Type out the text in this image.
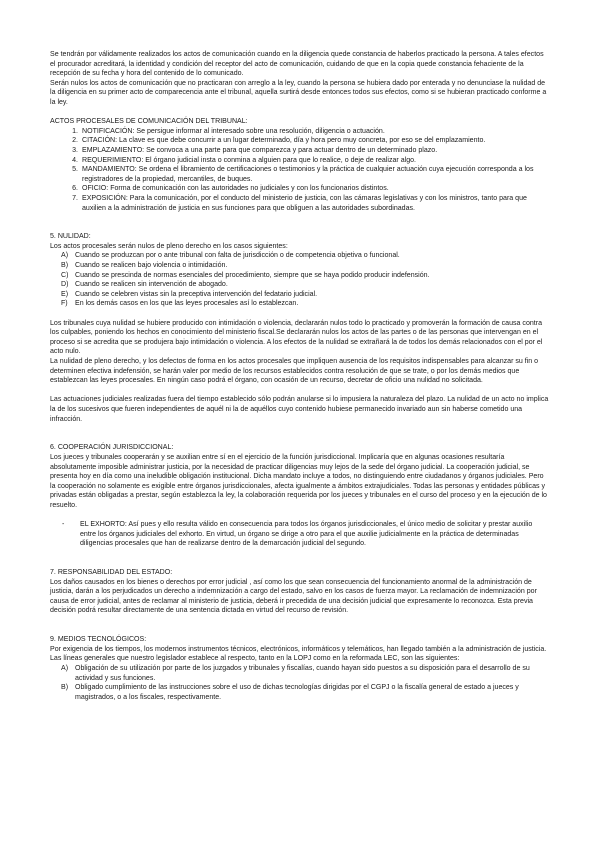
Se tendrán por válidamente realizados los actos de comunicación cuando en la diligencia quede constancia de haberlos practicado la persona. A tales efectos el procurador acreditará, la identidad y condición del receptor del acto de comunicación, cuidando de que en la copia quede constancia fehaciente de la recepción de su fecha y hora del contenido de lo comunicado.

Serán nulos los actos de comunicación que no practicaran con arreglo a la ley, cuando la persona se hubiera dado por enterada y no denunciase la nulidad de la diligencia en su primer acto de comparecencia ante el tribunal, aquella surtirá desde entonces todos sus efectos, como si se hubieran practicado conforme a la ley.

ACTOS PROCESALES DE COMUNICACIÓN DEL TRIBUNAL:

1. NOTIFICACIÓN: Se persigue informar al interesado sobre una resolución, diligencia o actuación.
2. CITACIÓN: La clave es que debe concurrir a un lugar determinado, día y hora pero muy concreta, por eso se del emplazamiento.
3. EMPLAZAMIENTO: Se convoca a una parte para que comparezca y para actuar dentro de un determinado plazo.
4. REQUERIMIENTO: El órgano judicial insta o conmina a alguien para que lo realice, o deje de realizar algo.
5. MANDAMIENTO: Se ordena el libramiento de certificaciones o testimonios y la práctica de cualquier actuación cuya ejecución corresponda a los registradores de la propiedad, mercantiles, de buques.
6. OFICIO: Forma de comunicación con las autoridades no judiciales y con los funcionarios distintos.
7. EXPOSICIÓN: Para la comunicación, por el conducto del ministerio de justicia, con las cámaras legislativas y con los ministros, tanto para que auxilien a la administración de justicia en sus funciones para que obliguen a las autoridades subordinadas.

5. NULIDAD:

Los actos procesales serán nulos de pleno derecho en los casos siguientes:

A) Cuando se produzcan por o ante tribunal con falta de jurisdicción o de competencia objetiva o funcional.
B) Cuando se realicen bajo violencia o intimidación.
C) Cuando se prescinda de normas esenciales del procedimiento, siempre que se haya podido producir indefensión.
D) Cuando se realicen sin intervención de abogado.
E) Cuando se celebren vistas sin la preceptiva intervención del fedatario judicial.
F)	En los demás casos en los que las leyes procesales así lo establezcan.

Los tribunales cuya nulidad se hubiere producido con intimidación o violencia, declararán nulos todo lo practicado y promoverán la formación de causa contra los culpables, poniendo los hechos en conocimiento del ministerio fiscal.Se declararán nulos los actos de las partes o de las personas que intervengan en el proceso si se acredita que se produjera bajo intimidación o violencia. A los efectos de la nulidad se extrañará la de todos los demás relacionados con el por el acto nulo.

La nulidad de pleno derecho, y los defectos de forma en los actos procesales que impliquen ausencia de los requisitos indispensables para alcanzar su fin o determinen efectiva indefensión, se harán valer por medio de los recursos establecidos contra resolución de que se trate, o por los demás medios que establezcan las leyes procesales. En ningún caso podrá el órgano, con ocasión de un recurso, decretar de oficio una nulidad no solicitada.

Las actuaciones judiciales realizadas fuera del tiempo establecido sólo podrán anularse si lo impusiera la naturaleza del plazo. La nulidad de un acto no implica la de los sucesivos que fueren independientes de aquél ni la de aquéllos cuyo contenido hubiese permanecido invariado aun sin haberse cometido una infracción.

6. COOPERACIÓN JURISDICCIONAL:

Los jueces y tribunales cooperarán y se auxilian entre sí en el ejercicio de la función jurisdiccional. Implicaría que en algunas ocasiones resultaría absolutamente imposible administrar justicia, por la necesidad de practicar diligencias muy lejos de la sede del órgano judicial. La cooperación judicial, se presenta hoy en día como una ineludible obligación institucional. Dicha mandato incluye a todos, no distinguiendo entre ciudadanos y órganos judiciales. Pero la cooperación no solamente es exigible entre órganos jurisdiccionales, afecta igualmente a ámbitos extrajudiciales. Todas las personas y entidades públicas y privadas están obligadas a prestar, según establezca la ley, la colaboración requerida por los jueces y tribunales en el curso del proceso y en la ejecución de lo resuelto.

-	EL EXHORTO: Así pues y ello resulta válido en consecuencia para todos los órganos jurisdiccionales, el único medio de solicitar y prestar auxilio entre los órganos judiciales del exhorto. En virtud, un órgano se dirige a otro para el que auxilie judicialmente en la práctica de determinadas diligencias procesales que han de realizarse dentro de la demarcación judicial del segundo.

7. RESPONSABILIDAD DEL ESTADO:

Los daños causados en los bienes o derechos por error judicial , así como los que sean consecuencia del funcionamiento anormal de la administración de justicia, darán a los perjudicados un derecho a indemnización a cargo del estado, salvo en los casos de fuerza mayor. La reclamación de indemnización por causa de error judicial, antes de reclamar al ministerio de justicia, deberá ir precedida de una decisión judicial que expresamente lo reconozca. Esta previa decisión podrá resultar directamente de una sentencia dictada en virtud del recurso de revisión.

9. MEDIOS TECNOLÓGICOS:

Por exigencia de los tiempos, los modernos instrumentos técnicos, electrónicos, informáticos y telemáticos, han llegado también a la administración de justicia. Las líneas generales que nuestro legislador establece al respecto, tanto en la LOPJ como en la reformada LEC, son las siguientes:

A) Obligación de su utilización por parte de los juzgados y tribunales y fiscalías, cuando hayan sido puestos a su disposición para el desarrollo de su actividad y sus funciones.
B) Obligado cumplimiento de las instrucciones sobre el uso de dichas tecnologías dirigidas por el CGPJ o la fiscalía general de estado a jueces y magistrados, o a los fiscales, respectivamente.
